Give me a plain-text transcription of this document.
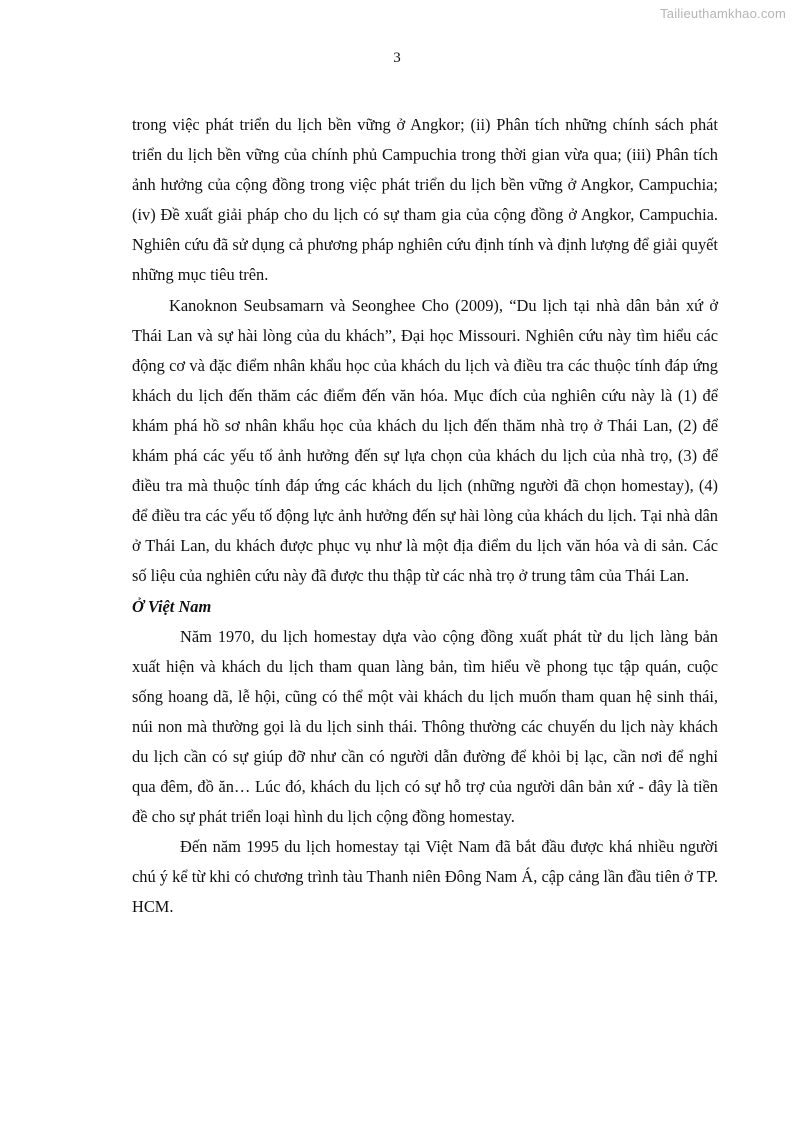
Tailieuthamkhao.com
3

trong việc phát triển du lịch bền vững ở Angkor; (ii) Phân tích những chính sách phát triển du lịch bền vững của chính phủ Campuchia trong thời gian vừa qua; (iii) Phân tích ảnh hưởng của cộng đồng trong việc phát triển du lịch bền vững ở Angkor, Campuchia; (iv) Đề xuất giải pháp cho du lịch có sự tham gia của cộng đồng ở Angkor, Campuchia. Nghiên cứu đã sử dụng cả phương pháp nghiên cứu định tính và định lượng để giải quyết những mục tiêu trên.

Kanoknon Seubsamarn và Seonghee Cho (2009), “Du lịch tại nhà dân bản xứ ở Thái Lan và sự hài lòng của du khách”, Đại học Missouri. Nghiên cứu này tìm hiểu các động cơ và đặc điểm nhân khẩu học của khách du lịch và điều tra các thuộc tính đáp ứng khách du lịch đến thăm các điểm đến văn hóa. Mục đích của nghiên cứu này là (1) để khám phá hồ sơ nhân khẩu học của khách du lịch đến thăm nhà trọ ở Thái Lan, (2) để khám phá các yếu tố ảnh hưởng đến sự lựa chọn của khách du lịch của nhà trọ, (3) để điều tra mà thuộc tính đáp ứng các khách du lịch (những người đã chọn homestay), (4) để điều tra các yếu tố động lực ảnh hưởng đến sự hài lòng của khách du lịch. Tại nhà dân ở Thái Lan, du khách được phục vụ như là một địa điểm du lịch văn hóa và di sản. Các số liệu của nghiên cứu này đã được thu thập từ các nhà trọ ở trung tâm của Thái Lan.

Ở Việt Nam

Năm 1970, du lịch homestay dựa vào cộng đồng xuất phát từ du lịch làng bản xuất hiện và khách du lịch tham quan làng bản, tìm hiểu về phong tục tập quán, cuộc sống hoang dã, lễ hội, cũng có thể một vài khách du lịch muốn tham quan hệ sinh thái, núi non mà thường gọi là du lịch sinh thái. Thông thường các chuyến du lịch này khách du lịch cần có sự giúp đỡ như cần có người dẫn đường để khỏi bị lạc, cần nơi để nghỉ qua đêm, đồ ăn… Lúc đó, khách du lịch có sự hỗ trợ của người dân bản xứ - đây là tiền đề cho sự phát triển loại hình du lịch cộng đồng homestay.

Đến năm 1995 du lịch homestay tại Việt Nam đã bắt đầu được khá nhiều người chú ý kể từ khi có chương trình tàu Thanh niên Đông Nam Á, cập cảng lần đầu tiên ở TP. HCM.
